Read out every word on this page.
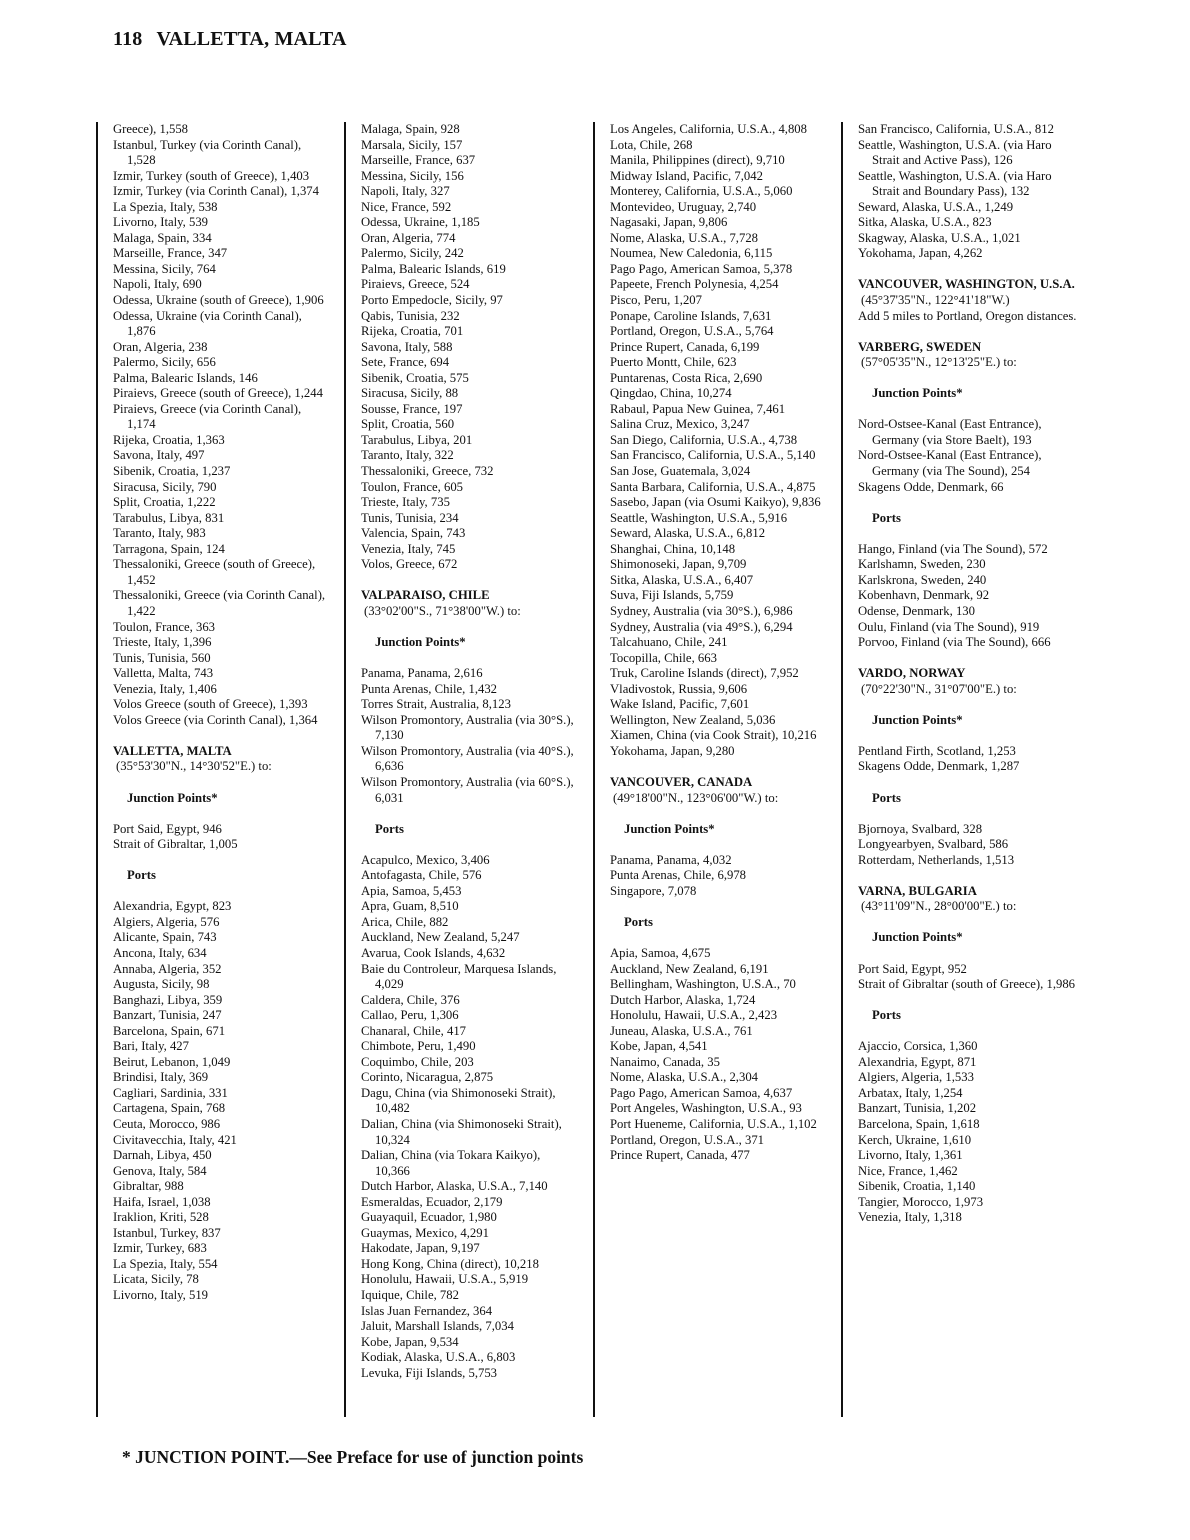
118 VALLETTA, MALTA
Greece), 1,558
Istanbul, Turkey (via Corinth Canal), 1,528
Izmir, Turkey (south of Greece), 1,403
Izmir, Turkey (via Corinth Canal), 1,374
La Spezia, Italy, 538
Livorno, Italy, 539
Malaga, Spain, 334
Marseille, France, 347
Messina, Sicily, 764
Napoli, Italy, 690
Odessa, Ukraine (south of Greece), 1,906
Odessa, Ukraine (via Corinth Canal), 1,876
Oran, Algeria, 238
Palermo, Sicily, 656
Palma, Balearic Islands, 146
Piraievs, Greece (south of Greece), 1,244
Piraievs, Greece (via Corinth Canal), 1,174
Rijeka, Croatia, 1,363
Savona, Italy, 497
Sibenik, Croatia, 1,237
Siracusa, Sicily, 790
Split, Croatia, 1,222
Tarabulus, Libya, 831
Taranto, Italy, 983
Tarragona, Spain, 124
Thessaloniki, Greece (south of Greece), 1,452
Thessaloniki, Greece (via Corinth Canal), 1,422
Toulon, France, 363
Trieste, Italy, 1,396
Tunis, Tunisia, 560
Valletta, Malta, 743
Venezia, Italy, 1,406
Volos Greece (south of Greece), 1,393
Volos Greece (via Corinth Canal), 1,364
VALLETTA, MALTA
(35°53'30"N., 14°30'52"E.) to:
Junction Points*
Port Said, Egypt, 946
Strait of Gibraltar, 1,005
Ports
Alexandria, Egypt, 823
Algiers, Algeria, 576
Alicante, Spain, 743
Ancona, Italy, 634
Annaba, Algeria, 352
Augusta, Sicily, 98
Banghazi, Libya, 359
Banzart, Tunisia, 247
Barcelona, Spain, 671
Bari, Italy, 427
Beirut, Lebanon, 1,049
Brindisi, Italy, 369
Cagliari, Sardinia, 331
Cartagena, Spain, 768
Ceuta, Morocco, 986
Civitavecchia, Italy, 421
Darnah, Libya, 450
Genova, Italy, 584
Gibraltar, 988
Haifa, Israel, 1,038
Iraklion, Kriti, 528
Istanbul, Turkey, 837
Izmir, Turkey, 683
La Spezia, Italy, 554
Licata, Sicily, 78
Livorno, Italy, 519
Malaga, Spain, 928
Marsala, Sicily, 157
Marseille, France, 637
Messina, Sicily, 156
Napoli, Italy, 327
Nice, France, 592
Odessa, Ukraine, 1,185
Oran, Algeria, 774
Palermo, Sicily, 242
Palma, Balearic Islands, 619
Piraievs, Greece, 524
Porto Empedocle, Sicily, 97
Qabis, Tunisia, 232
Rijeka, Croatia, 701
Savona, Italy, 588
Sete, France, 694
Sibenik, Croatia, 575
Siracusa, Sicily, 88
Sousse, France, 197
Split, Croatia, 560
Tarabulus, Libya, 201
Taranto, Italy, 322
Thessaloniki, Greece, 732
Toulon, France, 605
Trieste, Italy, 735
Tunis, Tunisia, 234
Valencia, Spain, 743
Venezia, Italy, 745
Volos, Greece, 672
VALPARAISO, CHILE
(33°02'00"S., 71°38'00"W.) to:
Junction Points*
Panama, Panama, 2,616
Punta Arenas, Chile, 1,432
Torres Strait, Australia, 8,123
Wilson Promontory, Australia (via 30°S.), 7,130
Wilson Promontory, Australia (via 40°S.), 6,636
Wilson Promontory, Australia (via 60°S.), 6,031
Ports
Acapulco, Mexico, 3,406
Antofagasta, Chile, 576
Apia, Samoa, 5,453
Apra, Guam, 8,510
Arica, Chile, 882
Auckland, New Zealand, 5,247
Avarua, Cook Islands, 4,632
Baie du Controleur, Marquesa Islands, 4,029
Caldera, Chile, 376
Callao, Peru, 1,306
Chanaral, Chile, 417
Chimbote, Peru, 1,490
Coquimbo, Chile, 203
Corinto, Nicaragua, 2,875
Dagu, China (via Shimonoseki Strait), 10,482
Dalian, China (via Shimonoseki Strait), 10,324
Dalian, China (via Tokara Kaikyo), 10,366
Dutch Harbor, Alaska, U.S.A., 7,140
Esmeraldas, Ecuador, 2,179
Guayaquil, Ecuador, 1,980
Guaymas, Mexico, 4,291
Hakodate, Japan, 9,197
Hong Kong, China (direct), 10,218
Honolulu, Hawaii, U.S.A., 5,919
Iquique, Chile, 782
Islas Juan Fernandez, 364
Jaluit, Marshall Islands, 7,034
Kobe, Japan, 9,534
Kodiak, Alaska, U.S.A., 6,803
Levuka, Fiji Islands, 5,753
Los Angeles, California, U.S.A., 4,808
Lota, Chile, 268
Manila, Philippines (direct), 9,710
Midway Island, Pacific, 7,042
Monterey, California, U.S.A., 5,060
Montevideo, Uruguay, 2,740
Nagasaki, Japan, 9,806
Nome, Alaska, U.S.A., 7,728
Noumea, New Caledonia, 6,115
Pago Pago, American Samoa, 5,378
Papeete, French Polynesia, 4,254
Pisco, Peru, 1,207
Ponape, Caroline Islands, 7,631
Portland, Oregon, U.S.A., 5,764
Prince Rupert, Canada, 6,199
Puerto Montt, Chile, 623
Puntarenas, Costa Rica, 2,690
Qingdao, China, 10,274
Rabaul, Papua New Guinea, 7,461
Salina Cruz, Mexico, 3,247
San Diego, California, U.S.A., 4,738
San Francisco, California, U.S.A., 5,140
San Jose, Guatemala, 3,024
Santa Barbara, California, U.S.A., 4,875
Sasebo, Japan (via Osumi Kaikyo), 9,836
Seattle, Washington, U.S.A., 5,916
Seward, Alaska, U.S.A., 6,812
Shanghai, China, 10,148
Shimonoseki, Japan, 9,709
Sitka, Alaska, U.S.A., 6,407
Suva, Fiji Islands, 5,759
Sydney, Australia (via 30°S.), 6,986
Sydney, Australia (via 49°S.), 6,294
Talcahuano, Chile, 241
Tocopilla, Chile, 663
Truk, Caroline Islands (direct), 7,952
Vladivostok, Russia, 9,606
Wake Island, Pacific, 7,601
Wellington, New Zealand, 5,036
Xiamen, China (via Cook Strait), 10,216
Yokohama, Japan, 9,280
VANCOUVER, CANADA
(49°18'00"N., 123°06'00"W.) to:
Junction Points*
Panama, Panama, 4,032
Punta Arenas, Chile, 6,978
Singapore, 7,078
Ports
Apia, Samoa, 4,675
Auckland, New Zealand, 6,191
Bellingham, Washington, U.S.A., 70
Dutch Harbor, Alaska, 1,724
Honolulu, Hawaii, U.S.A., 2,423
Juneau, Alaska, U.S.A., 761
Kobe, Japan, 4,541
Nanaimo, Canada, 35
Nome, Alaska, U.S.A., 2,304
Pago Pago, American Samoa, 4,637
Port Angeles, Washington, U.S.A., 93
Port Hueneme, California, U.S.A., 1,102
Portland, Oregon, U.S.A., 371
Prince Rupert, Canada, 477
San Francisco, California, U.S.A., 812
Seattle, Washington, U.S.A. (via Haro Strait and Active Pass), 126
Seattle, Washington, U.S.A. (via Haro Strait and Boundary Pass), 132
Seward, Alaska, U.S.A., 1,249
Sitka, Alaska, U.S.A., 823
Skagway, Alaska, U.S.A., 1,021
Yokohama, Japan, 4,262
VANCOUVER, WASHINGTON, U.S.A.
(45°37'35"N., 122°41'18"W.)
Add 5 miles to Portland, Oregon distances.
VARBERG, SWEDEN
(57°05'35"N., 12°13'25"E.) to:
Junction Points*
Nord-Ostsee-Kanal (East Entrance), Germany (via Store Baelt), 193
Nord-Ostsee-Kanal (East Entrance), Germany (via The Sound), 254
Skagens Odde, Denmark, 66
Ports
Hango, Finland (via The Sound), 572
Karlshamn, Sweden, 230
Karlskrona, Sweden, 240
Kobenhavn, Denmark, 92
Odense, Denmark, 130
Oulu, Finland (via The Sound), 919
Porvoo, Finland (via The Sound), 666
VARDO, NORWAY
(70°22'30"N., 31°07'00"E.) to:
Junction Points*
Pentland Firth, Scotland, 1,253
Skagens Odde, Denmark, 1,287
Ports
Bjornoya, Svalbard, 328
Longyearbyen, Svalbard, 586
Rotterdam, Netherlands, 1,513
VARNA, BULGARIA
(43°11'09"N., 28°00'00"E.) to:
Junction Points*
Port Said, Egypt, 952
Strait of Gibraltar (south of Greece), 1,986
Ports
Ajaccio, Corsica, 1,360
Alexandria, Egypt, 871
Algiers, Algeria, 1,533
Arbatax, Italy, 1,254
Banzart, Tunisia, 1,202
Barcelona, Spain, 1,618
Kerch, Ukraine, 1,610
Livorno, Italy, 1,361
Nice, France, 1,462
Sibenik, Croatia, 1,140
Tangier, Morocco, 1,973
Venezia, Italy, 1,318
* JUNCTION POINT.—See Preface for use of junction points
